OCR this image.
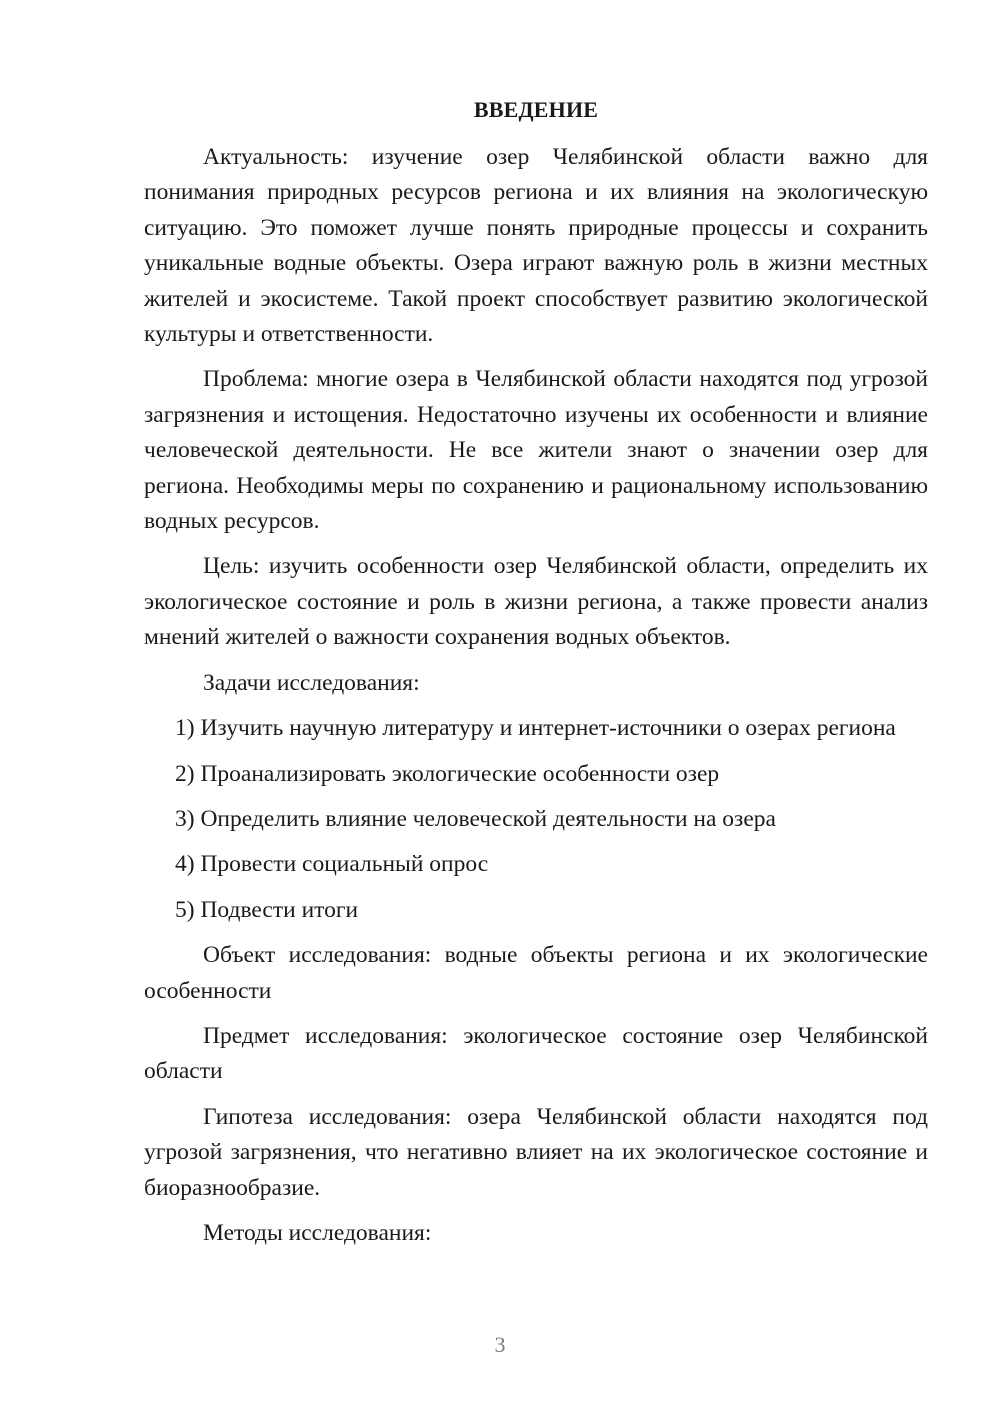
ВВЕДЕНИЕ

Актуальность: изучение озер Челябинской области важно для понимания природных ресурсов региона и их влияния на экологическую ситуацию. Это поможет лучше понять природные процессы и сохранить уникальные водные объекты. Озера играют важную роль в жизни местных жителей и экосистеме. Такой проект способствует развитию экологической культуры и ответственности.

Проблема: многие озера в Челябинской области находятся под угрозой загрязнения и истощения. Недостаточно изучены их особенности и влияние человеческой деятельности. Не все жители знают о значении озер для региона. Необходимы меры по сохранению и рациональному использованию водных ресурсов.

Цель: изучить особенности озер Челябинской области, определить их экологическое состояние и роль в жизни региона, а также провести анализ мнений жителей о важности сохранения водных объектов.

Задачи исследования:

1) Изучить научную литературу и интернет-источники о озерах региона

2) Проанализировать экологические особенности озер

3) Определить влияние человеческой деятельности на озера

4) Провести социальный опрос

5) Подвести итоги

Объект исследования: водные объекты региона и их экологические особенности

Предмет исследования: экологическое состояние озер Челябинской области

Гипотеза исследования: озера Челябинской области находятся под угрозой загрязнения, что негативно влияет на их экологическое состояние и биоразнообразие.

Методы исследования:

3
